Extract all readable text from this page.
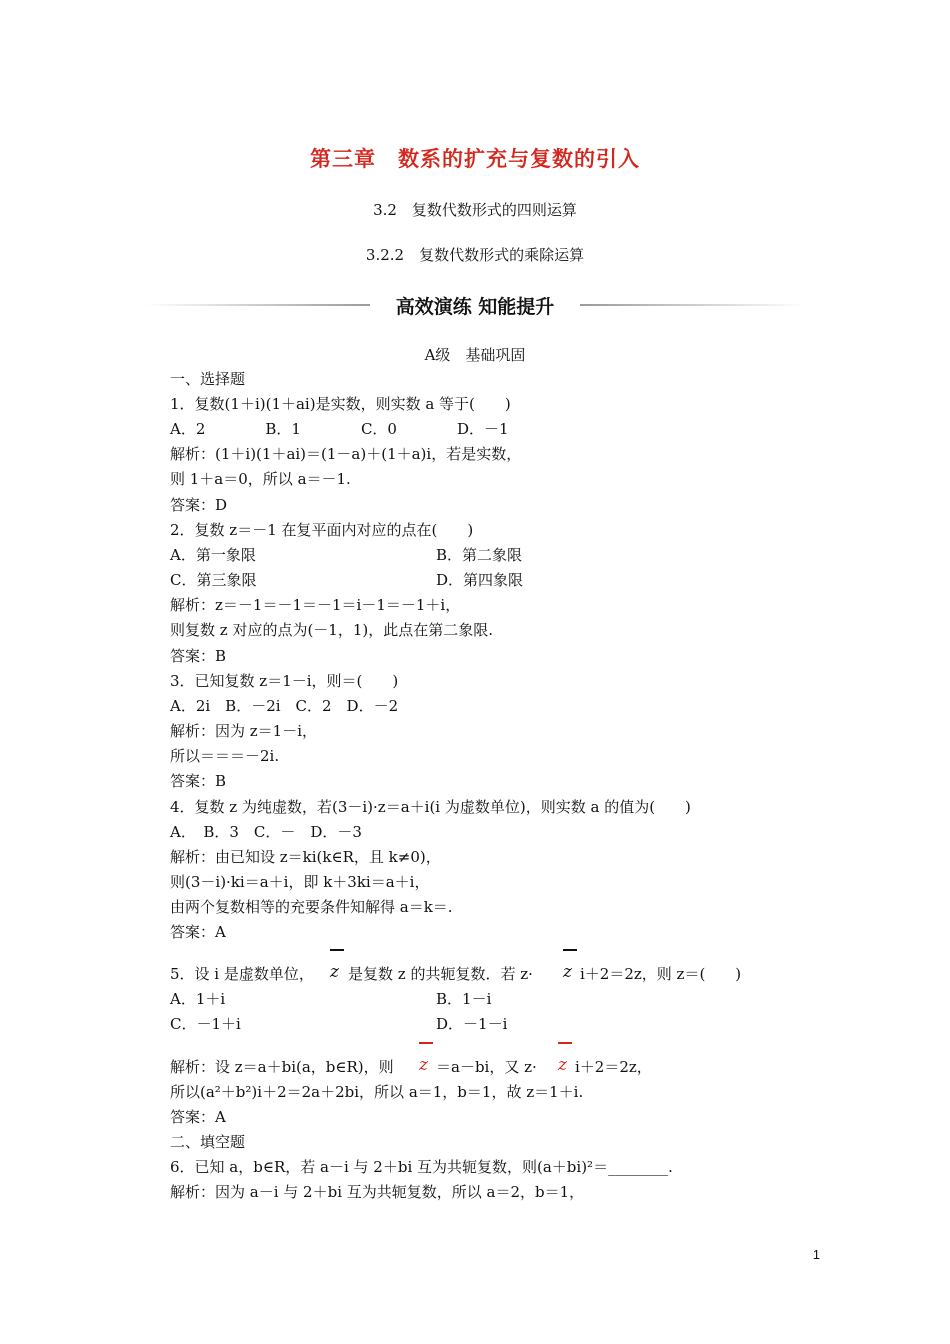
第三章　数系的扩充与复数的引入
3.2　复数代数形式的四则运算
3.2.2　复数代数形式的乘除运算
高效演练 知能提升
A级　基础巩固
一、选择题
1．复数(1＋i)(1＋ai)是实数，则实数 a 等于(　　)
A．2　　　　B．1　　　　C．0　　　　D．－1
解析：(1＋i)(1＋ai)＝(1－a)＋(1＋a)i，若是实数，
则 1＋a＝0，所以 a＝－1.
答案：D
2．复数 z＝－1 在复平面内对应的点在(　　)
A．第一象限	B．第二象限
C．第三象限	D．第四象限
解析：z＝－1＝－1＝－1＝i－1＝－1＋i，
则复数 z 对应的点为(－1，1)，此点在第二象限.
答案：B
3．已知复数 z＝1－i，则＝(　　)
A．2i　B．－2i　C．2　D．－2
解析：因为 z＝1－i，
所以＝＝＝－2i.
答案：B
4．复数 z 为纯虚数，若(3－i)·z＝a＋i(i 为虚数单位)，则实数 a 的值为(　　)
A．　B．3　C．－　D．－3
解析：由已知设 z＝ki(k∈R，且 k≠0)，
则(3－i)·ki＝a＋i，即 k＋3ki＝a＋i，
由两个复数相等的充要条件知解得 a＝k＝.
答案：A
5．设 i 是虚数单位， z 是复数 z 的共轭复数．若 z· z i＋2＝2z，则 z＝(　　)
A．1＋i	B．1－i
C．－1＋i	D．－1－i
解析：设 z＝a＋bi(a，b∈R)，则 z ＝a－bi，又 z· z i＋2＝2z，
所以(a²＋b²)i＋2＝2a＋2bi，所以 a＝1，b＝1，故 z＝1＋i.
答案：A
二、填空题
6．已知 a，b∈R，若 a－i 与 2＋bi 互为共轭复数，则(a＋bi)²＝________.
解析：因为 a－i 与 2＋bi 互为共轭复数，所以 a＝2，b＝1，
1
